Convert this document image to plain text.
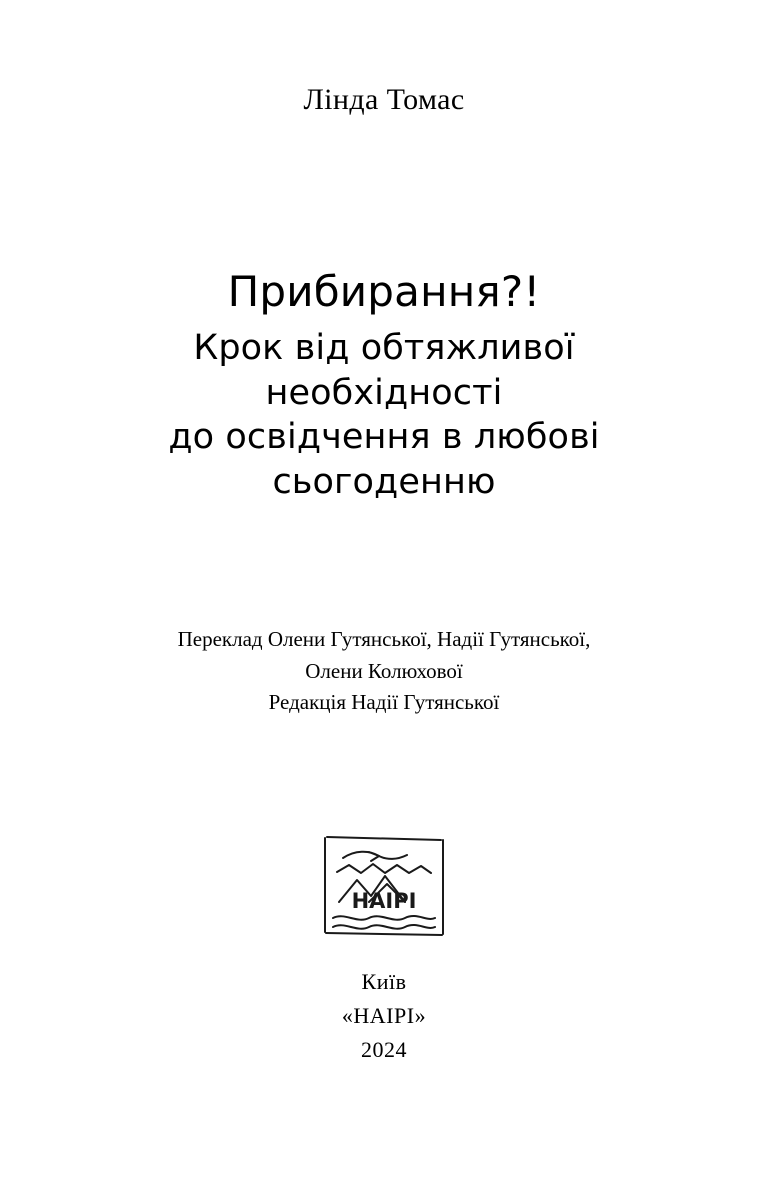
Лінда Томас
Прибирання?!
Крок від обтяжливої
необхідності
до освідчення в любові
сьогоденню
Переклад Олени Гутянської, Надії Гутянської,
Олени Колюхової
Редакція Надії Гутянської
НАІРІ
Київ
«НАІРІ»
2024
